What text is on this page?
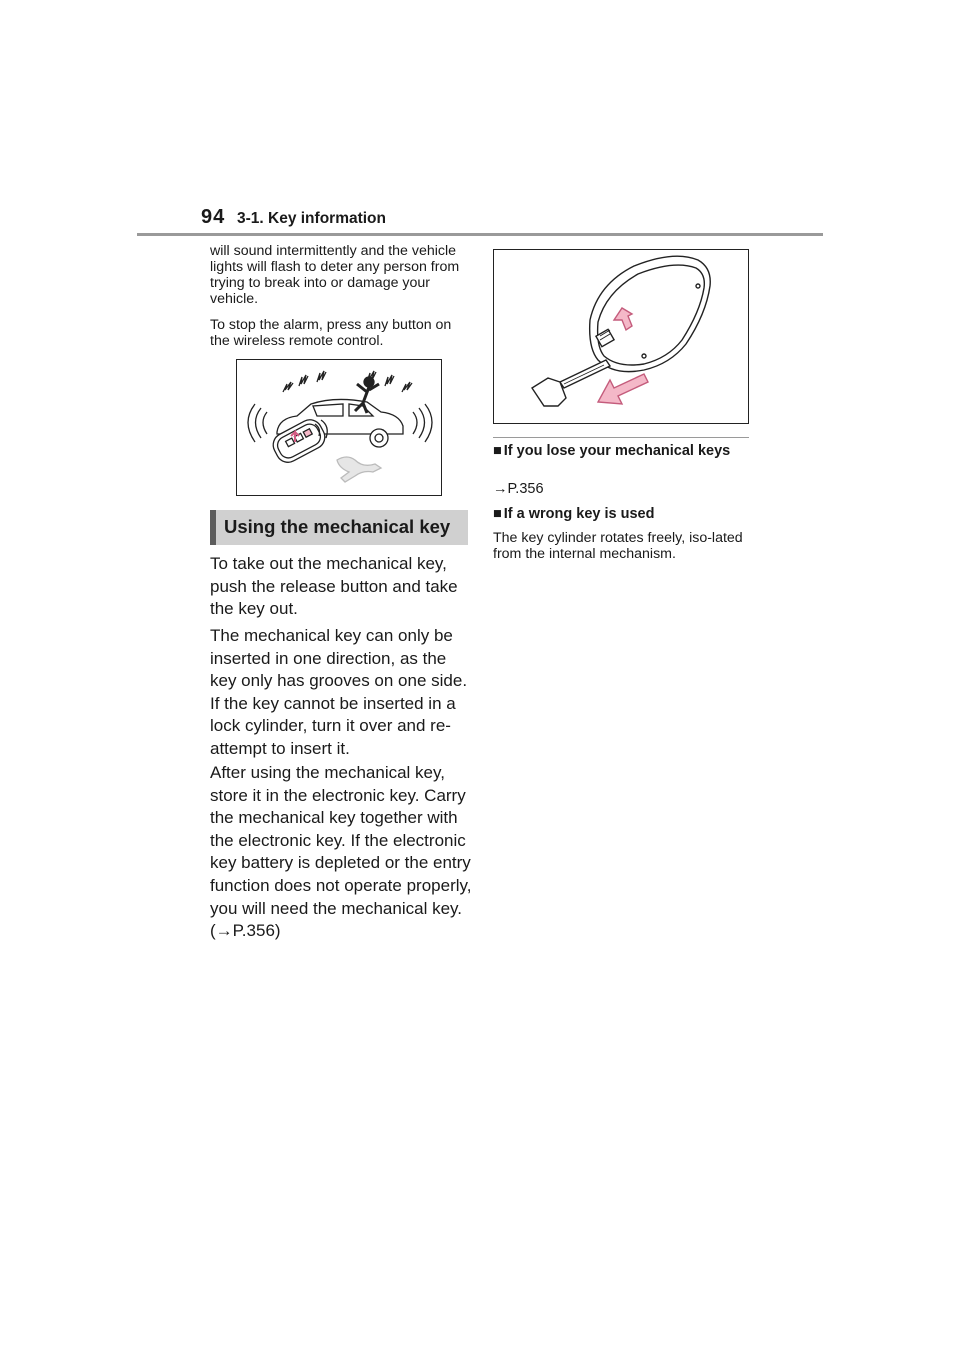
94 3-1. Key information

will sound intermittently and the vehicle lights will flash to deter any person from trying to break into or damage your vehicle.

To stop the alarm, press any button on the wireless remote control.

Using the mechanical key

To take out the mechanical key, push the release button and take the key out.

The mechanical key can only be inserted in one direction, as the key only has grooves on one side. If the key cannot be inserted in a lock cylinder, turn it over and re-attempt to insert it.

After using the mechanical key, store it in the electronic key. Carry the mechanical key together with the electronic key. If the electronic key battery is depleted or the entry function does not operate properly, you will need the mechanical key. (→P.356)

■ If you lose your mechanical keys

→P.356

■ If a wrong key is used

The key cylinder rotates freely, iso-lated from the internal mechanism.
